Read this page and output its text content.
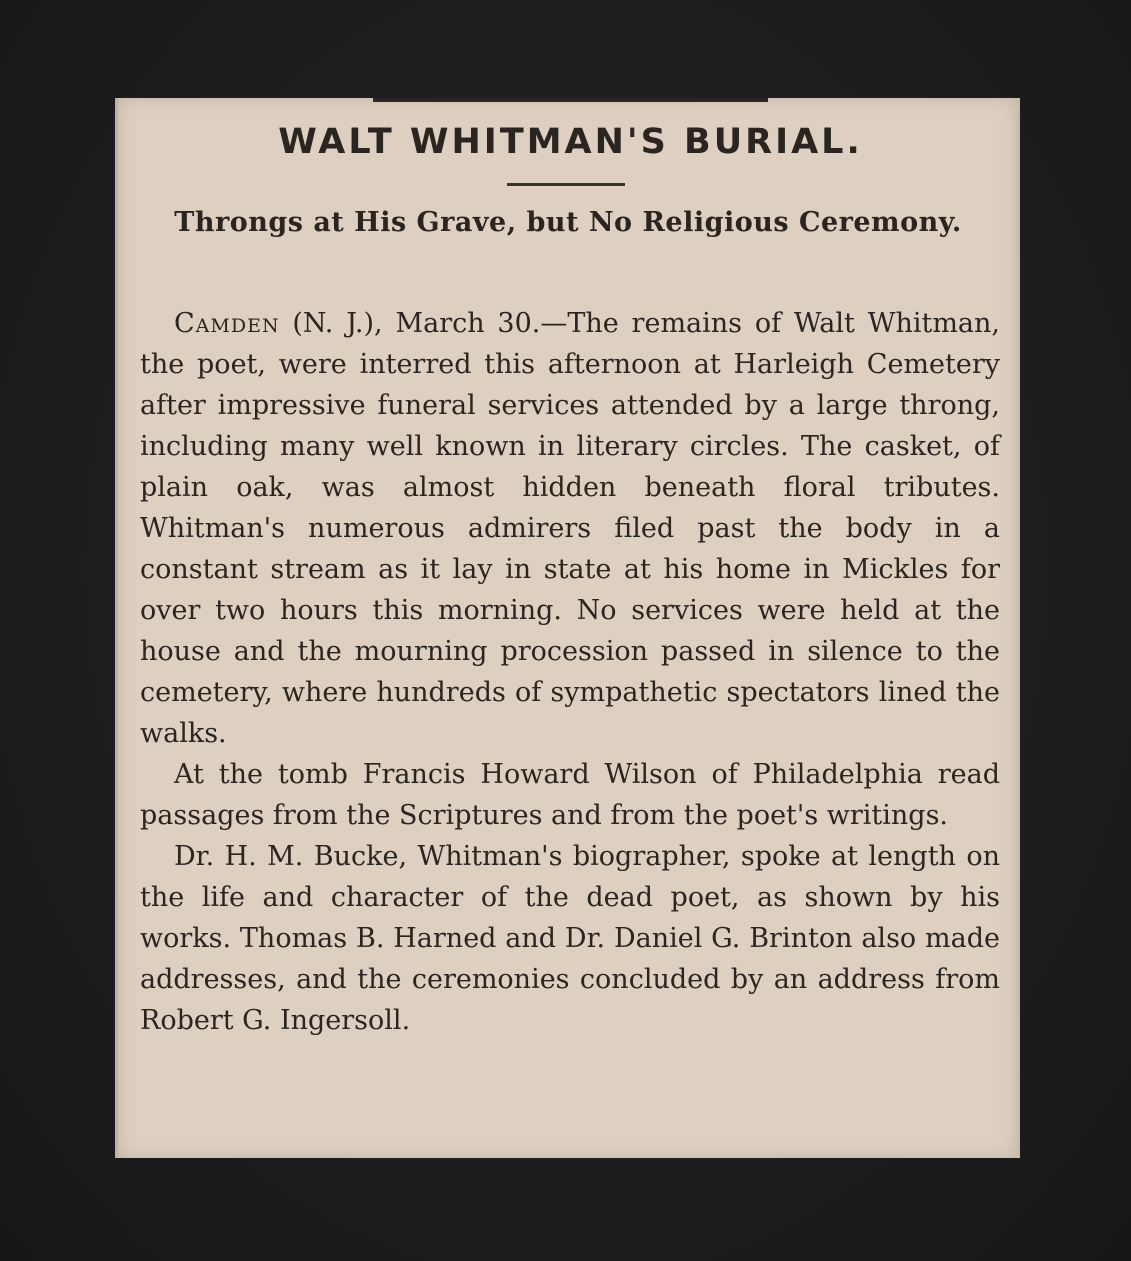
WALT WHITMAN'S BURIAL.
Throngs at His Grave, but No Religious Ceremony.

Camden (N. J.), March 30.—The remains of Walt Whitman, the poet, were interred this afternoon at Harleigh Cemetery after impressive funeral services attended by a large throng, including many well known in literary circles. The casket, of plain oak, was almost hidden beneath floral tributes. Whitman's numerous admirers filed past the body in a constant stream as it lay in state at his home in Mickles for over two hours this morning. No services were held at the house and the mourning procession passed in silence to the cemetery, where hundreds of sympathetic spectators lined the walks.

At the tomb Francis Howard Wilson of Philadelphia read passages from the Scriptures and from the poet's writings.

Dr. H. M. Bucke, Whitman's biographer, spoke at length on the life and character of the dead poet, as shown by his works. Thomas B. Harned and Dr. Daniel G. Brinton also made addresses, and the ceremonies concluded by an address from Robert G. Ingersoll.
